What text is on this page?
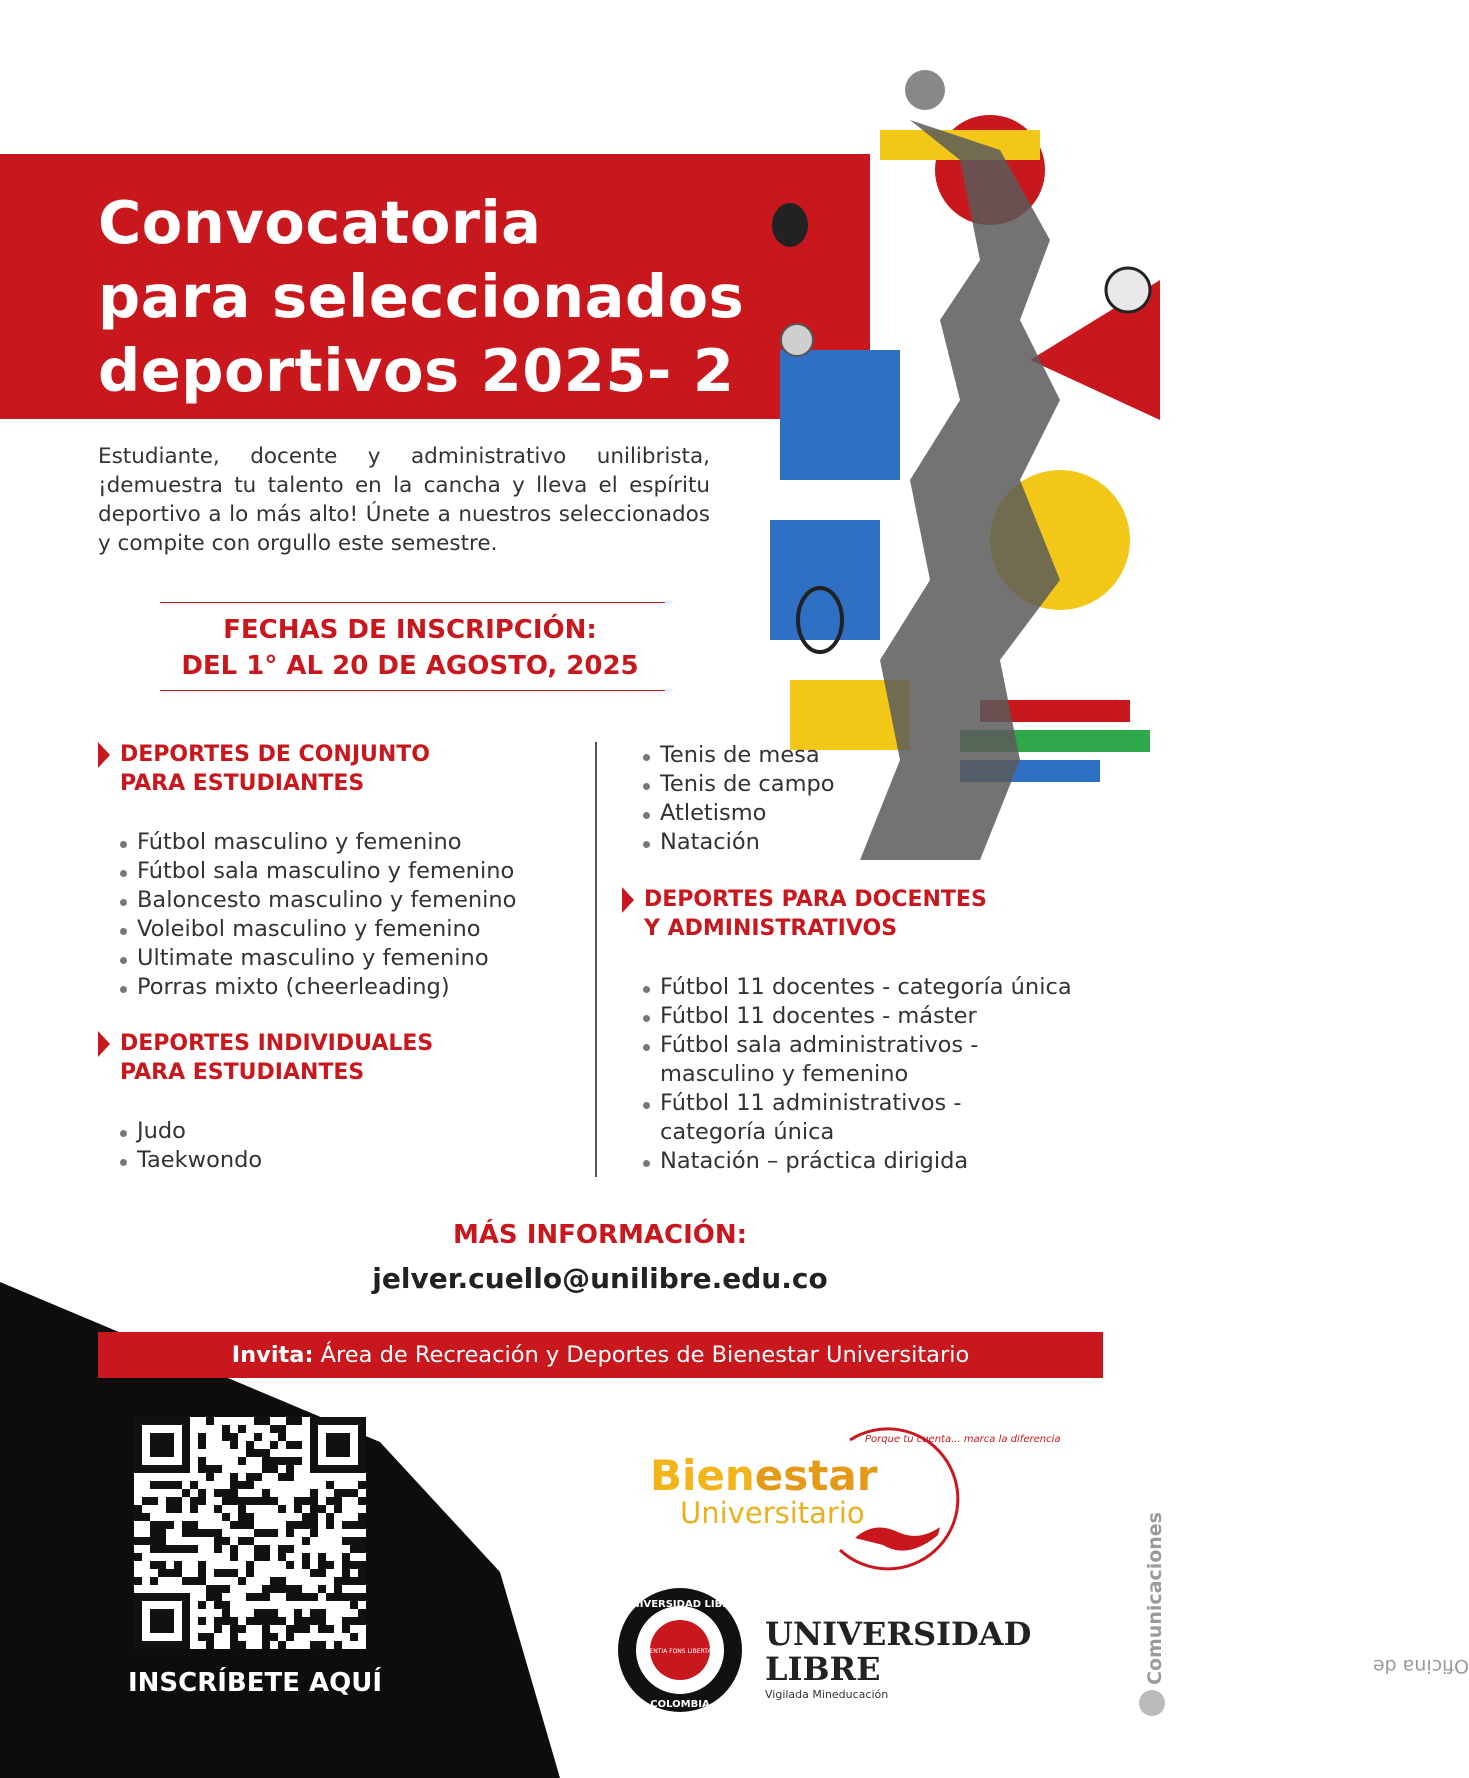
Convocatoria
para seleccionados
deportivos 2025- 2
Estudiante, docente y administrativo unilibrista, ¡demuestra tu talento en la cancha y lleva el espíritu deportivo a lo más alto! Únete a nuestros seleccionados y compite con orgullo este semestre.
FECHAS DE INSCRIPCIÓN:
DEL 1° AL 20 DE AGOSTO, 2025
DEPORTES DE CONJUNTO
PARA ESTUDIANTES
Fútbol masculino y femenino
Fútbol sala masculino y femenino
Baloncesto masculino y femenino
Voleibol masculino y femenino
Ultimate masculino y femenino
Porras mixto (cheerleading)
DEPORTES INDIVIDUALES
PARA ESTUDIANTES
Judo
Taekwondo
Tenis de mesa
Tenis de campo
Atletismo
Natación
DEPORTES PARA DOCENTES
Y ADMINISTRATIVOS
Fútbol 11 docentes - categoría única
Fútbol 11 docentes - máster
Fútbol sala administrativos -
masculino y femenino
Fútbol 11 administrativos -
categoría única
Natación – práctica dirigida
MÁS INFORMACIÓN:
jelver.cuello@unilibre.edu.co
Invita: Área de Recreación y Deportes de Bienestar Universitario
INSCRÍBETE AQUÍ
Bienestar
Universitario
Porque tu cuenta... marca la diferencia
UNIVERSIDAD LIBRE
COLOMBIA
SCIENTIA FONS LIBERTATIS UNIVERSIDAD
LIBRE
Vigilada Mineducación
Oficina de
Comunicaciones
